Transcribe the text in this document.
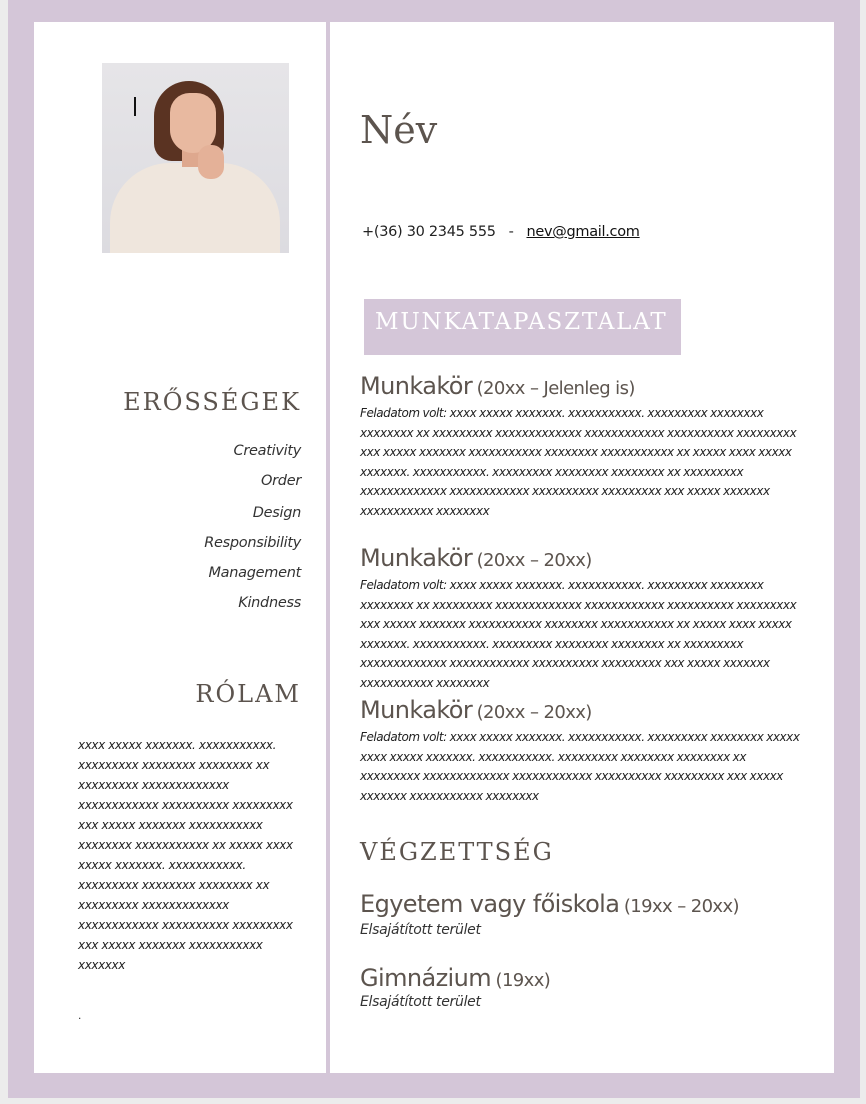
ERŐSSÉGEK
Creativity
Order
Design
Responsibility
Management
Kindness
RÓLAM
xxxx xxxxx xxxxxxx. xxxxxxxxxxx. xxxxxxxxx xxxxxxxx xxxxxxxx xx xxxxxxxxx xxxxxxxxxxxxx xxxxxxxxxxxx xxxxxxxxxx xxxxxxxxx xxx xxxxx xxxxxxx xxxxxxxxxxx xxxxxxxx xxxxxxxxxxx xx xxxxx xxxx xxxxx xxxxxxx. xxxxxxxxxxx. xxxxxxxxx xxxxxxxx xxxxxxxx xx xxxxxxxxx xxxxxxxxxxxxx xxxxxxxxxxxx xxxxxxxxxx xxxxxxxxx xxx xxxxx xxxxxxx xxxxxxxxxxx xxxxxxx
.
Név
+(36) 30 2345 555 - nev@gmail.com
MUNKATAPASZTALAT
Munkakör (20xx – Jelenleg is)
Feladatom volt: xxxx xxxxx xxxxxxx. xxxxxxxxxxx. xxxxxxxxx xxxxxxxx xxxxxxxx xx xxxxxxxxx xxxxxxxxxxxxx xxxxxxxxxxxx xxxxxxxxxx xxxxxxxxx xxx xxxxx xxxxxxx xxxxxxxxxxx xxxxxxxx xxxxxxxxxxx xx xxxxx xxxx xxxxx xxxxxxx. xxxxxxxxxxx. xxxxxxxxx xxxxxxxx xxxxxxxx xx xxxxxxxxx xxxxxxxxxxxxx xxxxxxxxxxxx xxxxxxxxxx xxxxxxxxx xxx xxxxx xxxxxxx xxxxxxxxxxx xxxxxxxx
Munkakör (20xx – 20xx)
Feladatom volt: xxxx xxxxx xxxxxxx. xxxxxxxxxxx. xxxxxxxxx xxxxxxxx xxxxxxxx xx xxxxxxxxx xxxxxxxxxxxxx xxxxxxxxxxxx xxxxxxxxxx xxxxxxxxx xxx xxxxx xxxxxxx xxxxxxxxxxx xxxxxxxx xxxxxxxxxxx xx xxxxx xxxx xxxxx xxxxxxx. xxxxxxxxxxx. xxxxxxxxx xxxxxxxx xxxxxxxx xx xxxxxxxxx xxxxxxxxxxxxx xxxxxxxxxxxx xxxxxxxxxx xxxxxxxxx xxx xxxxx xxxxxxx xxxxxxxxxxx xxxxxxxx
Munkakör (20xx – 20xx)
Feladatom volt: xxxx xxxxx xxxxxxx. xxxxxxxxxxx. xxxxxxxxx xxxxxxxx xxxxx xxxx xxxxx xxxxxxx. xxxxxxxxxxx. xxxxxxxxx xxxxxxxx xxxxxxxx xx xxxxxxxxx xxxxxxxxxxxxx xxxxxxxxxxxx xxxxxxxxxx xxxxxxxxx xxx xxxxx xxxxxxx xxxxxxxxxxx xxxxxxxx
VÉGZETTSÉG
Egyetem vagy főiskola (19xx – 20xx)
Elsajátított terület
Gimnázium (19xx)
Elsajátított terület
